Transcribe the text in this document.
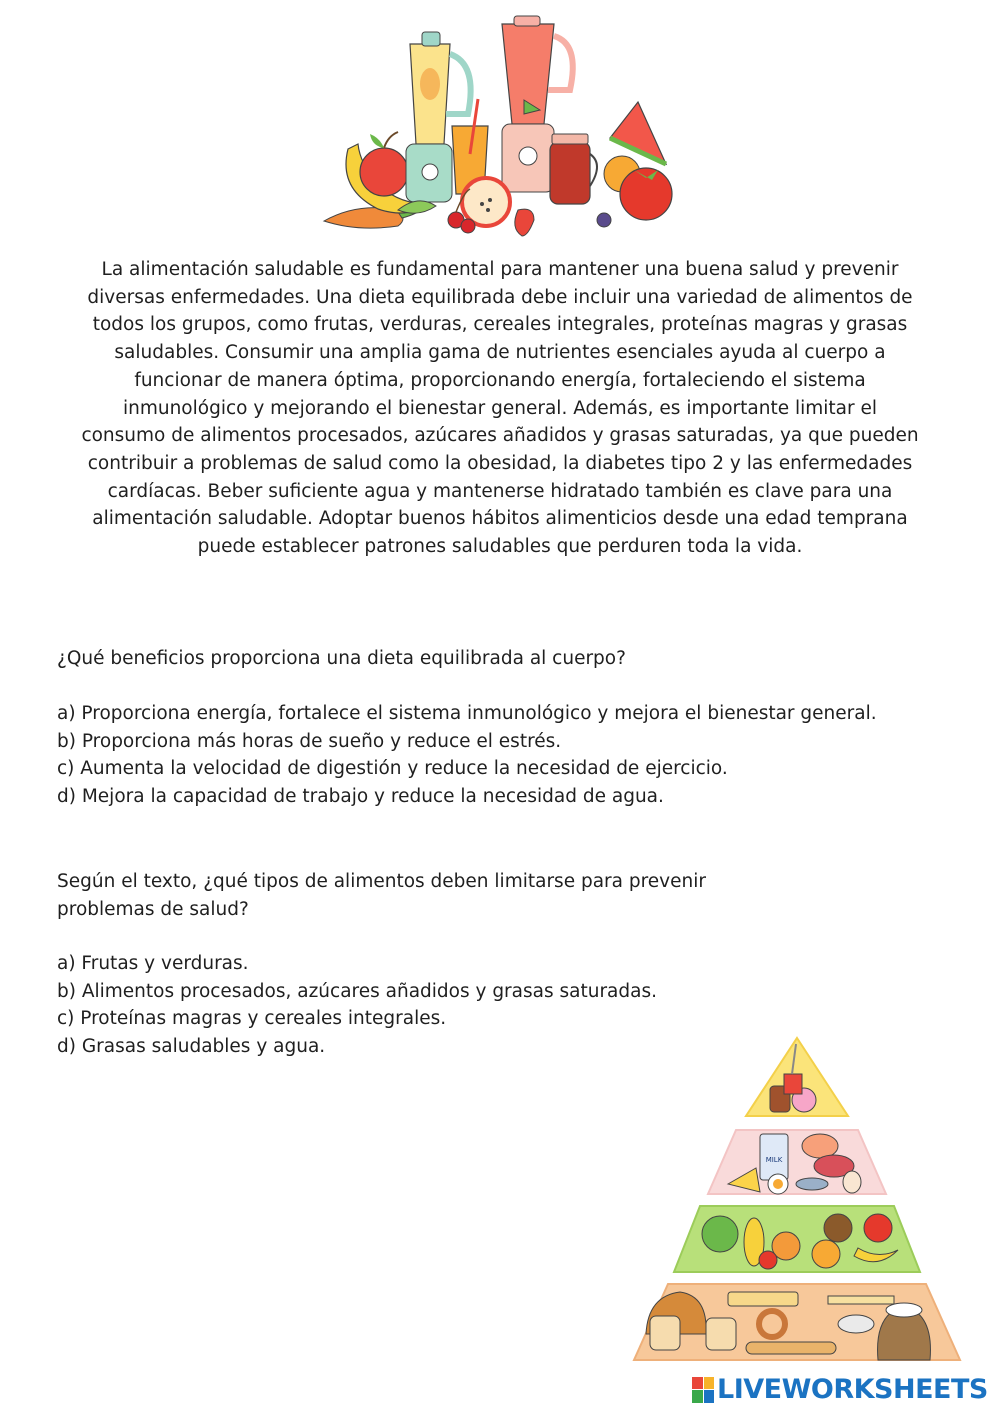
La alimentación saludable es fundamental para mantener una buena salud y prevenir diversas enfermedades. Una dieta equilibrada debe incluir una variedad de alimentos de todos los grupos, como frutas, verduras, cereales integrales, proteínas magras y grasas saludables. Consumir una amplia gama de nutrientes esenciales ayuda al cuerpo a funcionar de manera óptima, proporcionando energía, fortaleciendo el sistema inmunológico y mejorando el bienestar general. Además, es importante limitar el consumo de alimentos procesados, azúcares añadidos y grasas saturadas, ya que pueden contribuir a problemas de salud como la obesidad, la diabetes tipo 2 y las enfermedades cardíacas. Beber suficiente agua y mantenerse hidratado también es clave para una alimentación saludable. Adoptar buenos hábitos alimenticios desde una edad temprana puede establecer patrones saludables que perduren toda la vida.

¿Qué beneficios proporciona una dieta equilibrada al cuerpo?

a) Proporciona energía, fortalece el sistema inmunológico y mejora el bienestar general.
b) Proporciona más horas de sueño y reduce el estrés.
c) Aumenta la velocidad de digestión y reduce la necesidad de ejercicio.
d) Mejora la capacidad de trabajo y reduce la necesidad de agua.

Según el texto, ¿qué tipos de alimentos deben limitarse para prevenir problemas de salud?

a) Frutas y verduras.
b) Alimentos procesados, azúcares añadidos y grasas saturadas.
c) Proteínas magras y cereales integrales.
d) Grasas saludables y agua.
MILK
LIVEWORKSHEETS
